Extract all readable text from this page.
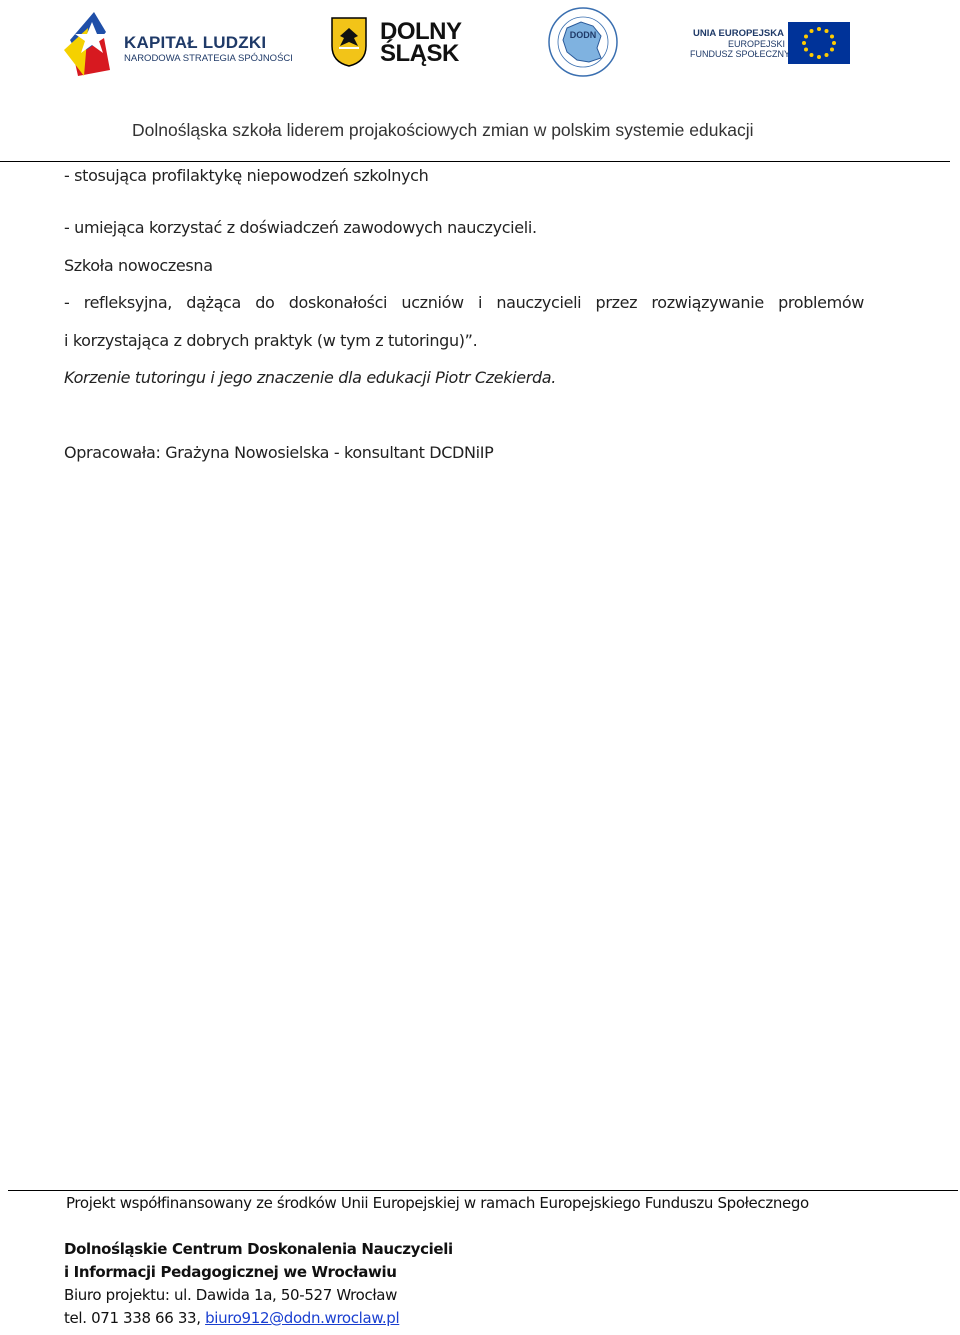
KAPITAŁ LUDZKI
NARODOWA STRATEGIA SPÓJNOŚCI
DOLNY
ŚLĄSK
DODN	UNIA EUROPEJSKA
EUROPEJSKI
FUNDUSZ SPOŁECZNY
Dolnośląska szkoła liderem projakościowych zmian w polskim systemie edukacji
- stosująca profilaktykę niepowodzeń szkolnych
- umiejąca korzystać z doświadczeń zawodowych nauczycieli.
Szkoła nowoczesna
- refleksyjna, dążąca do doskonałości uczniów i nauczycieli przez rozwiązywanie problemów
i korzystająca z dobrych praktyk (w tym z tutoringu)”.
Korzenie tutoringu i jego znaczenie dla edukacji Piotr Czekierda.
Opracowała: Grażyna Nowosielska - konsultant DCDNiIP
Projekt współfinansowany ze środków Unii Europejskiej w ramach Europejskiego Funduszu Społecznego
Dolnośląskie Centrum Doskonalenia Nauczycieli
i Informacji Pedagogicznej we Wrocławiu
Biuro projektu: ul. Dawida 1a, 50-527 Wrocław
tel. 071 338 66 33, biuro912@dodn.wroclaw.pl
